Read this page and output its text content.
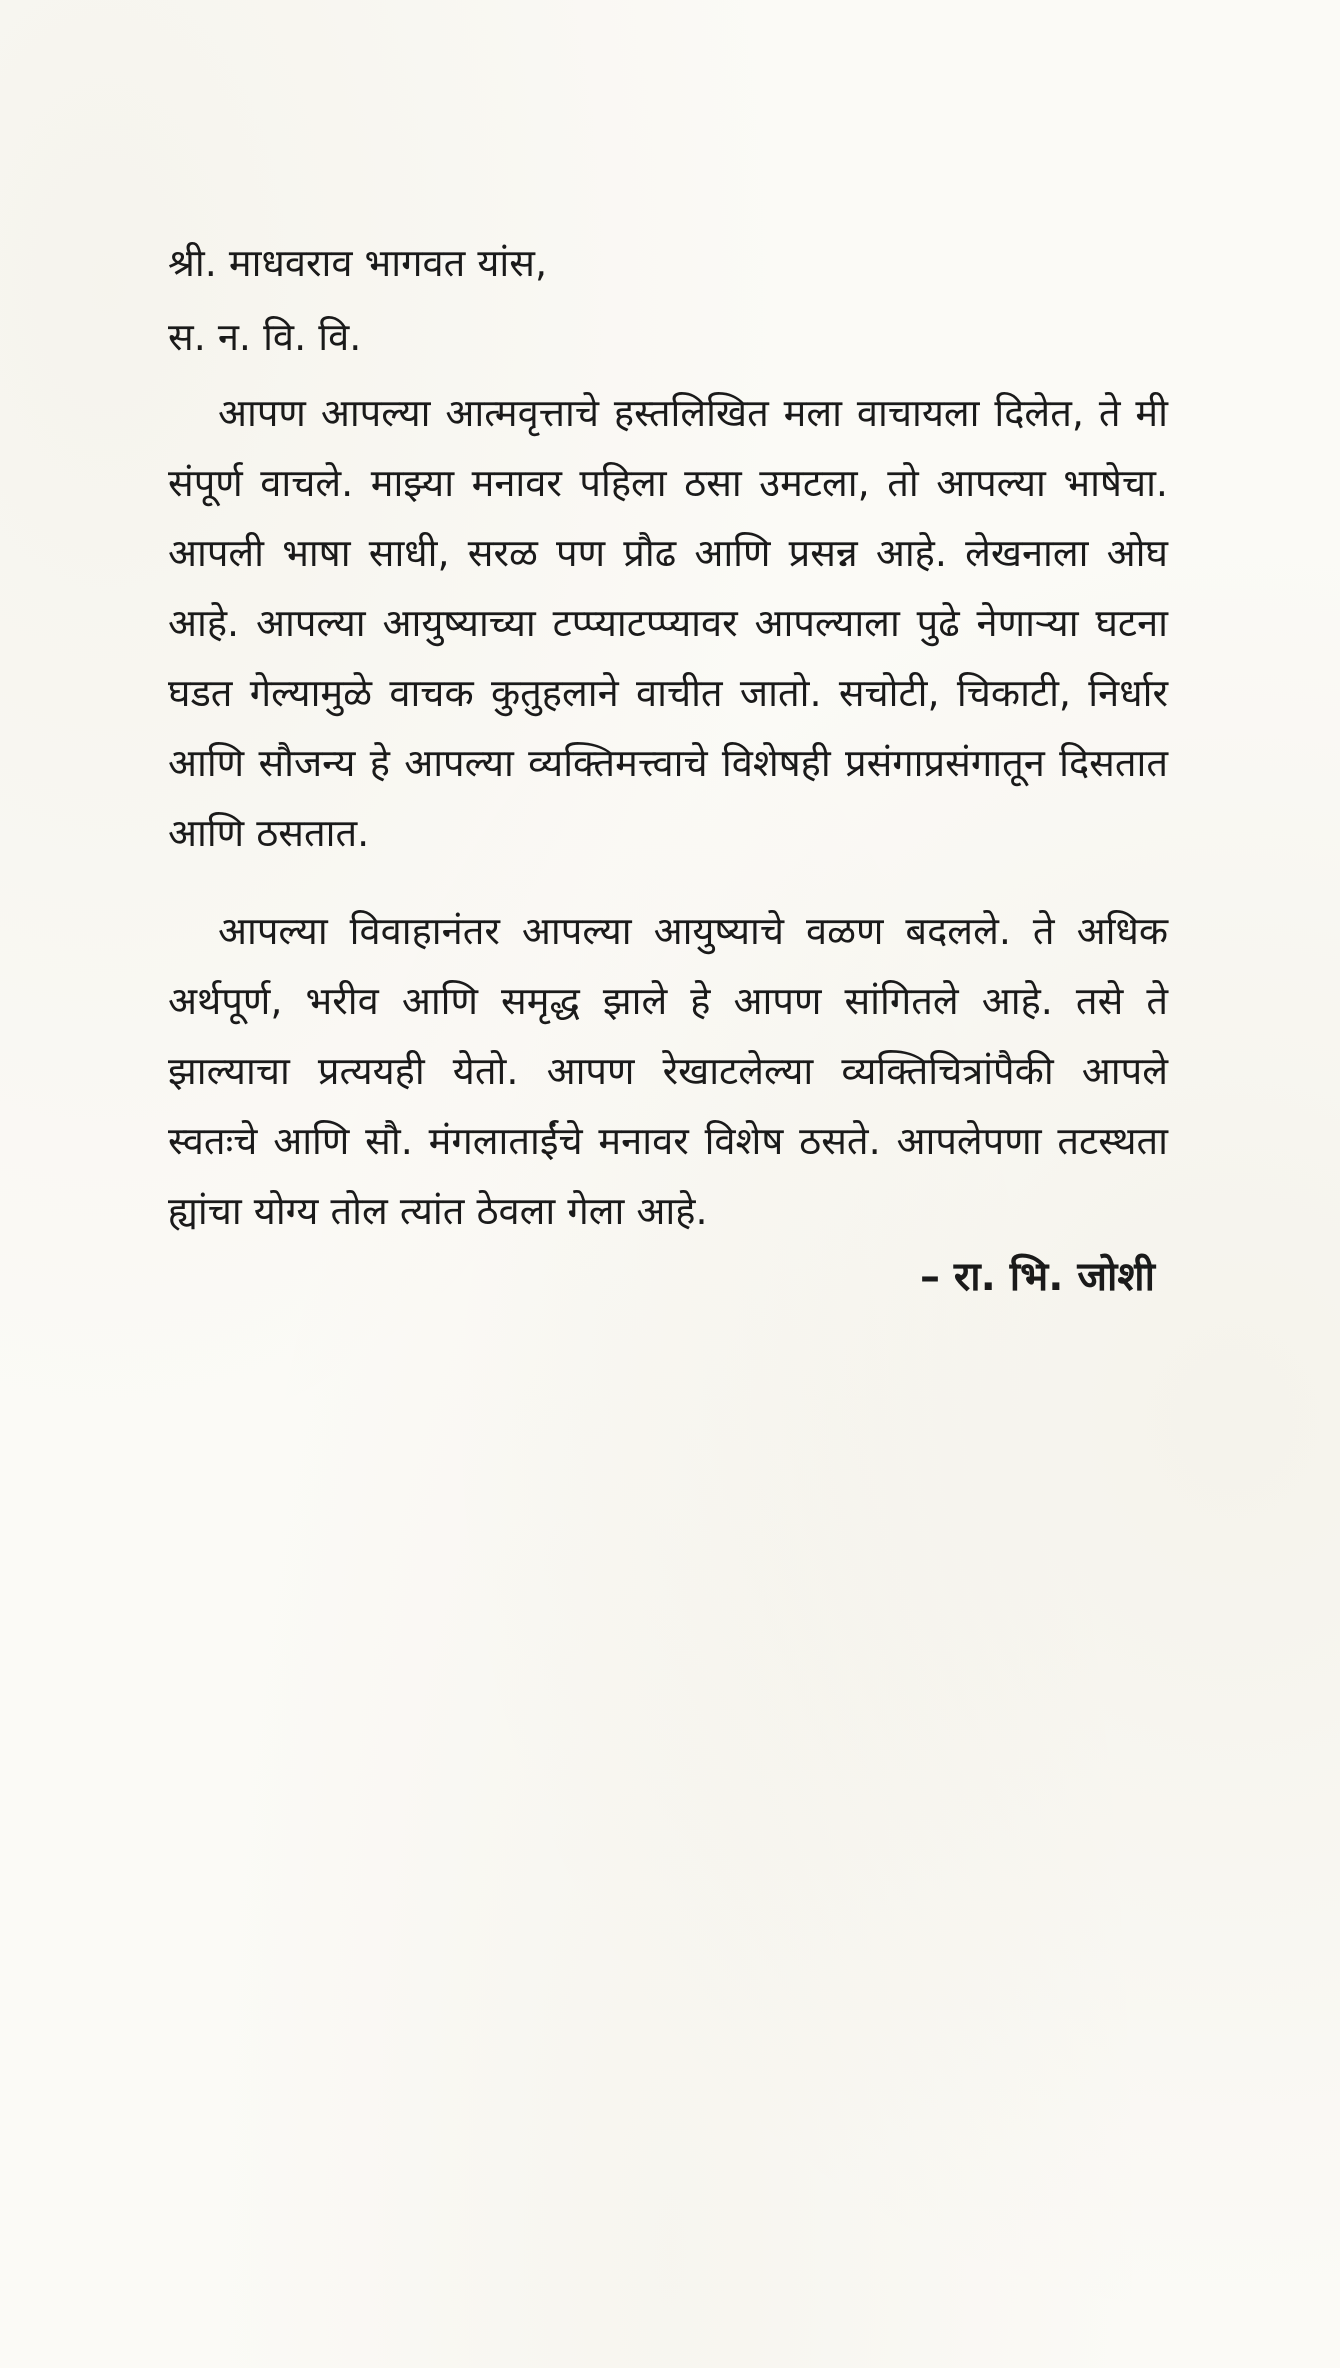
श्री. माधवराव भागवत यांस,

स. न. वि. वि.

आपण आपल्या आत्मवृत्ताचे हस्तलिखित मला वाचायला दिलेत, ते मी संपूर्ण वाचले. माझ्या मनावर पहिला ठसा उमटला, तो आपल्या भाषेचा. आपली भाषा साधी, सरळ पण प्रौढ आणि प्रसन्न आहे. लेखनाला ओघ आहे. आपल्या आयुष्याच्या टप्प्याटप्प्यावर आपल्याला पुढे नेणाऱ्या घटना घडत गेल्यामुळे वाचक कुतुहलाने वाचीत जातो. सचोटी, चिकाटी, निर्धार आणि सौजन्य हे आपल्या व्यक्तिमत्त्वाचे विशेषही प्रसंगाप्रसंगातून दिसतात आणि ठसतात.

आपल्या विवाहानंतर आपल्या आयुष्याचे वळण बदलले. ते अधिक अर्थपूर्ण, भरीव आणि समृद्ध झाले हे आपण सांगितले आहे. तसे ते झाल्याचा प्रत्ययही येतो. आपण रेखाटलेल्या व्यक्तिचित्रांपैकी आपले स्वतःचे आणि सौ. मंगलाताईंचे मनावर विशेष ठसते. आपलेपणा तटस्थता ह्यांचा योग्य तोल त्यांत ठेवला गेला आहे.

– रा. भि. जोशी
